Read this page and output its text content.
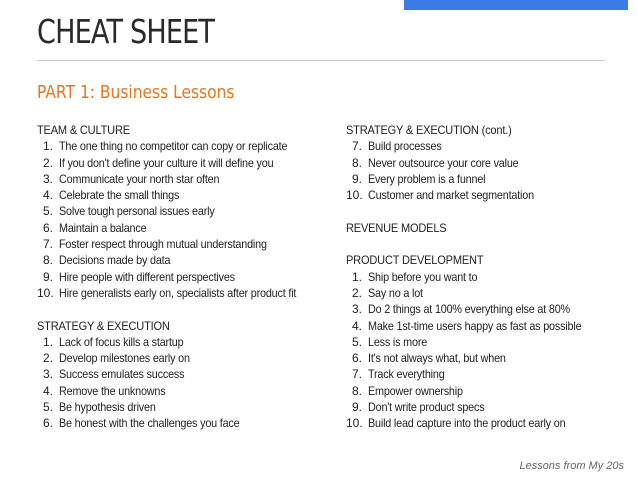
CHEAT SHEET
PART 1: Business Lessons
TEAM & CULTURE
1. The one thing no competitor can copy or replicate
2. If you don't define your culture it will define you
3. Communicate your north star often
4. Celebrate the small things
5. Solve tough personal issues early
6. Maintain a balance
7. Foster respect through mutual understanding
8. Decisions made by data
9. Hire people with different perspectives
10. Hire generalists early on, specialists after product fit
STRATEGY & EXECUTION
1. Lack of focus kills a startup
2. Develop milestones early on
3. Success emulates success
4. Remove the unknowns
5. Be hypothesis driven
6. Be honest with the challenges you face
STRATEGY & EXECUTION (cont.)
7. Build processes
8. Never outsource your core value
9. Every problem is a funnel
10. Customer and market segmentation
REVENUE MODELS
PRODUCT DEVELOPMENT
1. Ship before you want to
2. Say no a lot
3. Do 2 things at 100% everything else at 80%
4. Make 1st-time users happy as fast as possible
5. Less is more
6. It's not always what, but when
7. Track everything
8. Empower ownership
9. Don't write product specs
10. Build lead capture into the product early on
Lessons from My 20s
